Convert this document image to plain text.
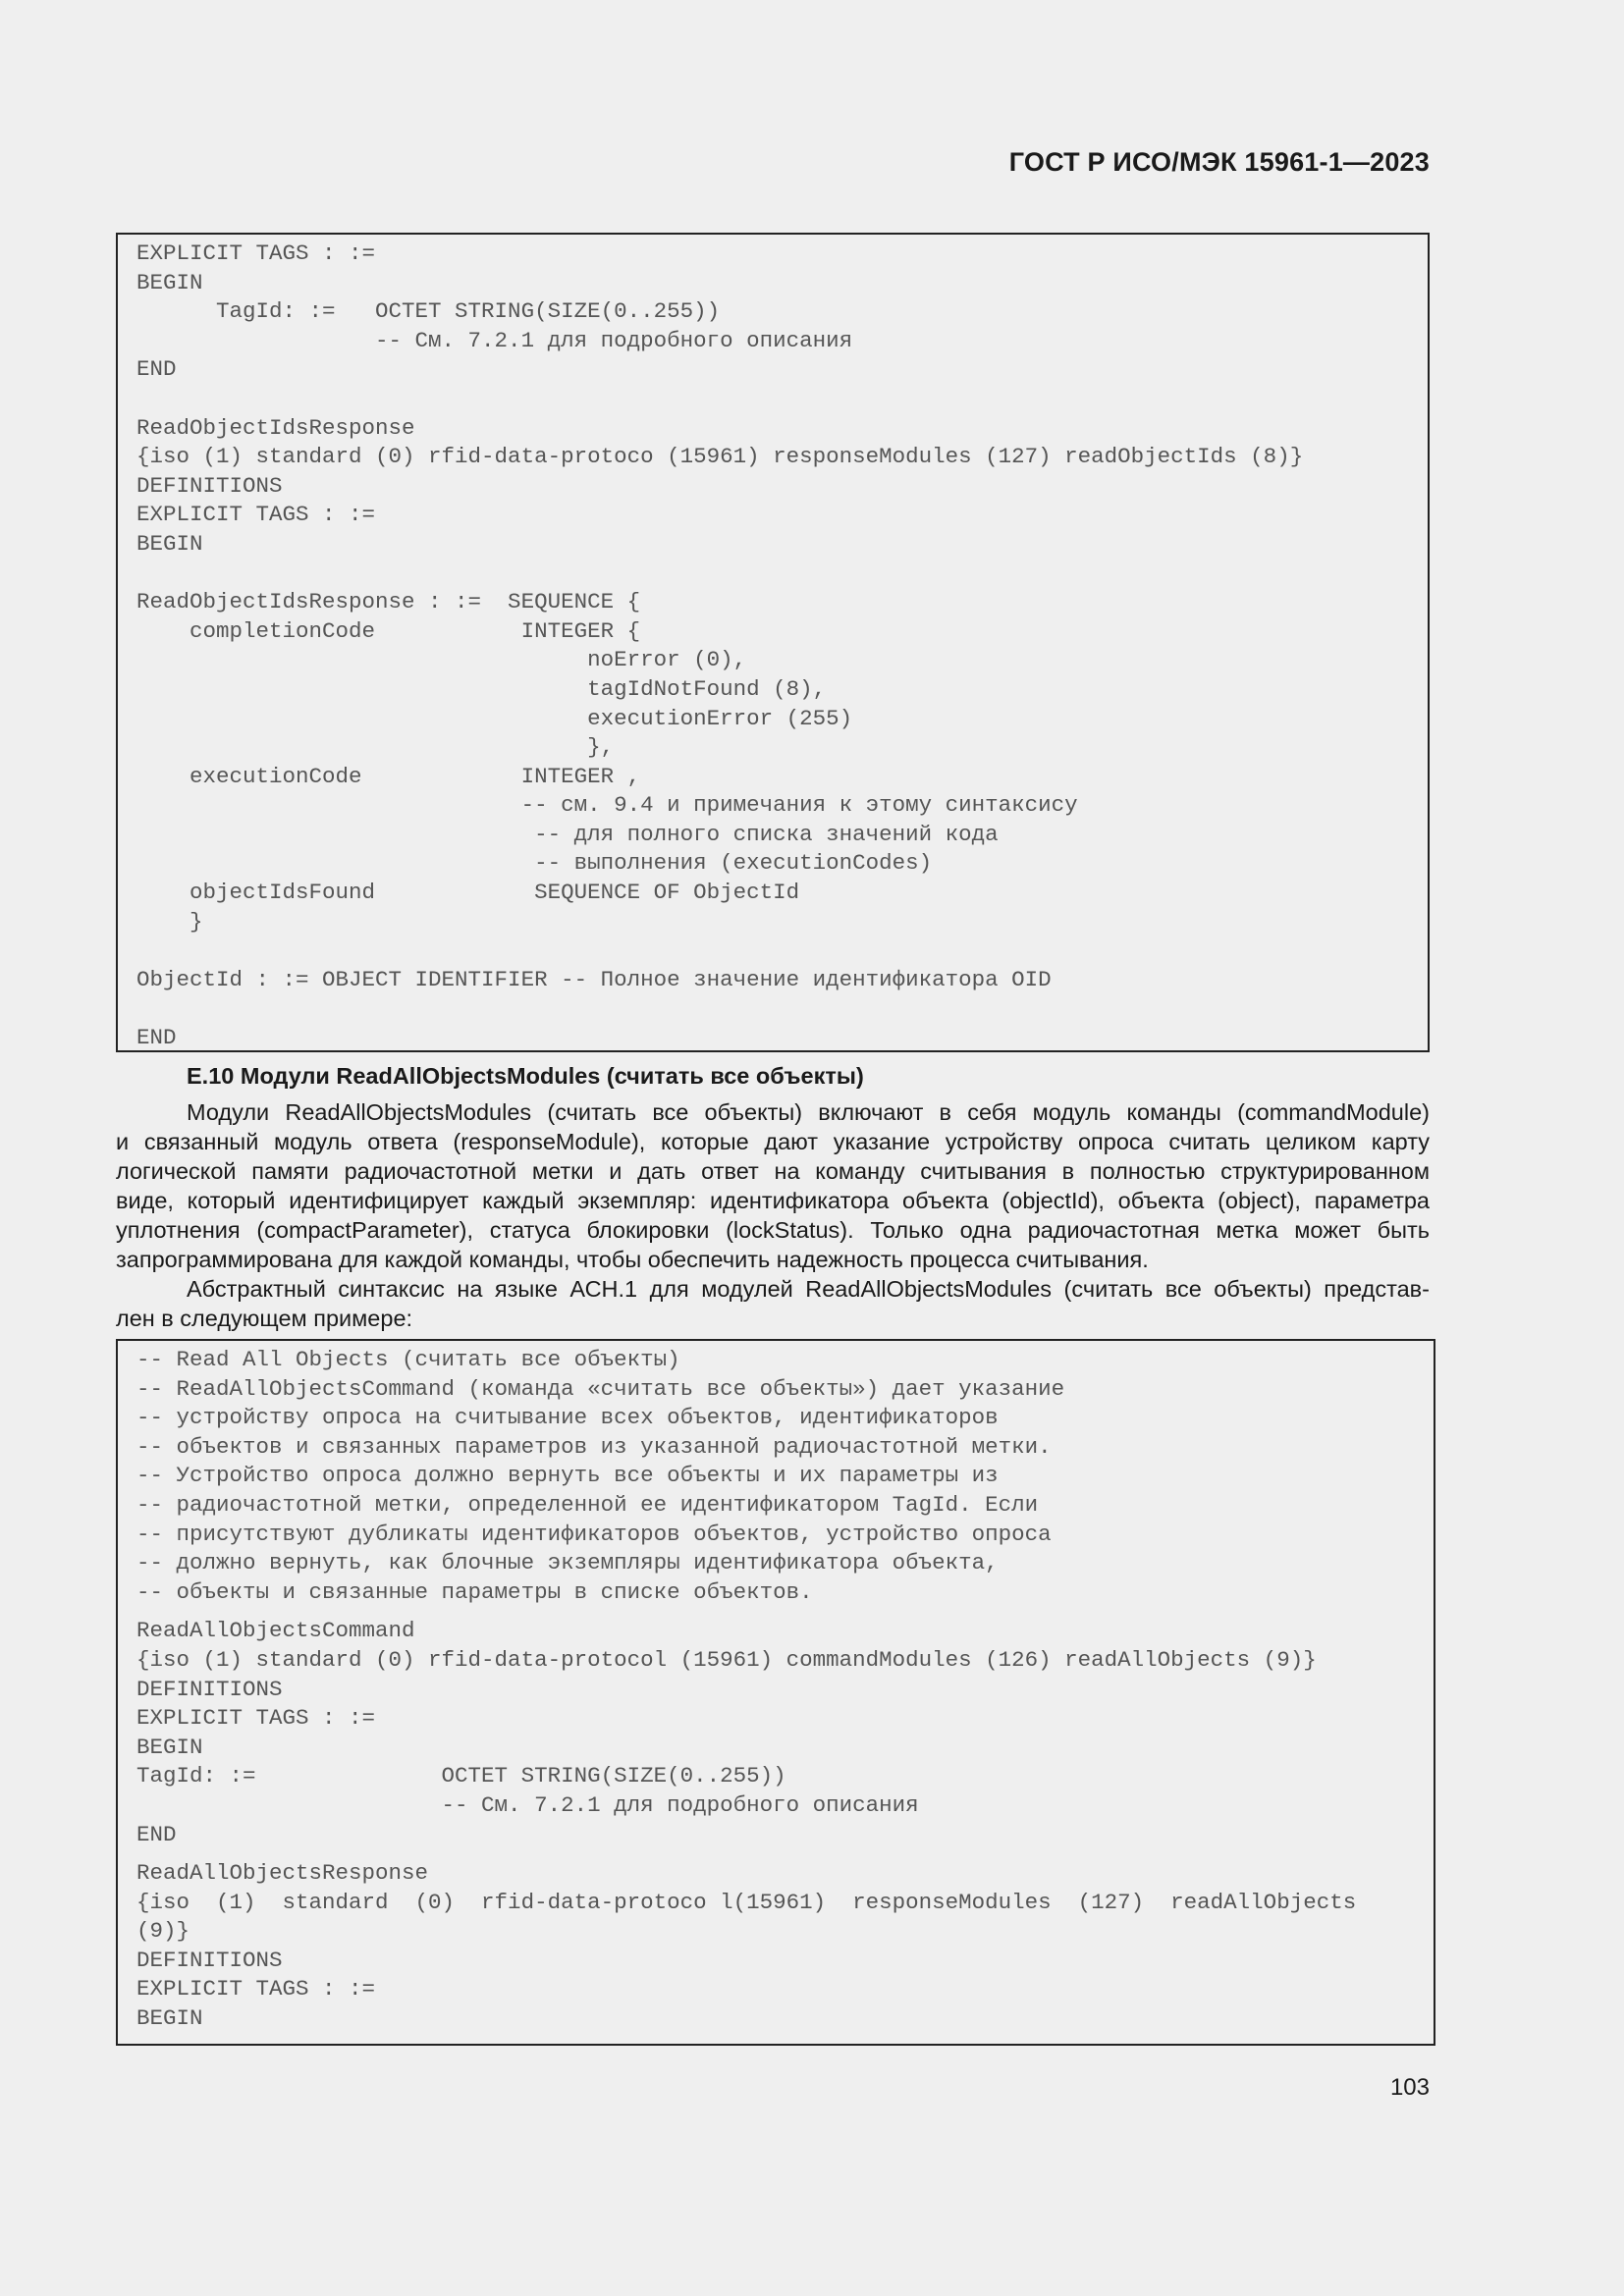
ГОСТ Р ИСО/МЭК 15961-1—2023
EXPLICIT TAGS : :=
BEGIN
TagId: :=   OCTET STRING(SIZE(0..255))
-- См. 7.2.1 для подробного описания
END

ReadObjectIdsResponse
{iso (1) standard (0) rfid-data-protoco (15961) responseModules (127) readObjectIds (8)}
DEFINITIONS
EXPLICIT TAGS : :=
BEGIN

ReadObjectIdsResponse : :=  SEQUENCE {
completionCode           INTEGER {
noError (0),
tagIdNotFound (8),
executionError (255)
},
executionCode            INTEGER ,
-- см. 9.4 и примечания к этому синтаксису
-- для полного списка значений кода
-- выполнения (executionCodes)
objectIdsFound            SEQUENCE OF ObjectId
}

ObjectId : := OBJECT IDENTIFIER -- Полное значение идентификатора OID

END
E.10 Модули ReadAllObjectsModules (считать все объекты)
Модули ReadAllObjectsModules (считать все объекты) включают в себя модуль команды (commandModule)
и связанный модуль ответа (responseModule), которые дают указание устройству опроса считать целиком карту
логической памяти радиочастотной метки и дать ответ на команду считывания в полностью структурированном
виде, который идентифицирует каждый экземпляр: идентификатора объекта (objectId), объекта (object), параметра
уплотнения (compactParameter), статуса блокировки (lockStatus). Только одна радиочастотная метка может быть
запрограммирована для каждой команды, чтобы обеспечить надежность процесса считывания.
Абстрактный синтаксис на языке АСН.1 для модулей ReadAllObjectsModules (считать все объекты) представ-
лен в следующем примере:
-- Read All Objects (считать все объекты)
-- ReadAllObjectsCommand (команда «считать все объекты») дает указание
-- устройству опроса на считывание всех объектов, идентификаторов
-- объектов и связанных параметров из указанной радиочастотной метки.
-- Устройство опроса должно вернуть все объекты и их параметры из
-- радиочастотной метки, определенной ее идентификатором TagId. Если
-- присутствуют дубликаты идентификаторов объектов, устройство опроса
-- должно вернуть, как блочные экземпляры идентификатора объекта,
-- объекты и связанные параметры в списке объектов.
ReadAllObjectsCommand
{iso (1) standard (0) rfid-data-protocol (15961) commandModules (126) readAllObjects (9)}
DEFINITIONS
EXPLICIT TAGS : :=
BEGIN
TagId: :=              OCTET STRING(SIZE(0..255))
-- См. 7.2.1 для подробного описания
END
ReadAllObjectsResponse
{iso  (1)  standard  (0)  rfid-data-protoco l(15961)  responseModules  (127)  readAllObjects
(9)}
DEFINITIONS
EXPLICIT TAGS : :=
BEGIN
103
